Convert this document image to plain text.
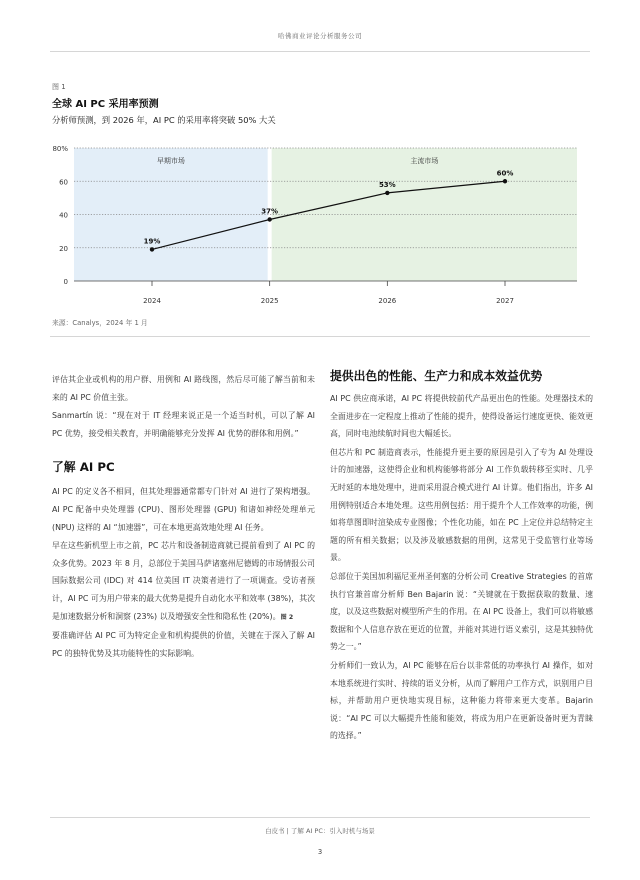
哈佛商业评论分析服务公司
图 1
全球 AI PC 采用率预测
分析师预测，到 2026 年，AI PC 的采用率将突破 50% 大关
早期市场	主流市场
0
20
40
60
80%
2024	2025	2026	2027
19%
37%
53%
60%
来源：Canalys，2024 年 1 月

评估其企业或机构的用户群、用例和 AI 路线图，然后尽可能了解当前和未来的 AI PC 价值主张。

Sanmartín 说：“现在对于 IT 经理来说正是一个适当时机，可以了解 AI PC 优势，接受相关教育，并明确能够充分发挥 AI 优势的群体和用例。”

了解 AI PC

AI PC 的定义各不相同，但其处理器通常都专门针对 AI 进行了架构增强。AI PC 配备中央处理器 (CPU)、图形处理器 (GPU) 和诸如神经处理单元 (NPU) 这样的 AI “加速器”，可在本地更高效地处理 AI 任务。

早在这些新机型上市之前，PC 芯片和设备制造商就已提前看到了 AI PC 的众多优势。2023 年 8 月，总部位于美国马萨诸塞州尼德姆的市场情报公司国际数据公司 (IDC) 对 414 位美国 IT 决策者进行了一项调查。受访者预计，AI PC 可为用户带来的最大优势是提升自动化水平和效率 (38%)，其次是加速数据分析和洞察 (23%) 以及增强安全性和隐私性 (20%)。图 2

要准确评估 AI PC 可为特定企业和机构提供的价值，关键在于深入了解 AI PC 的独特优势及其功能特性的实际影响。

提供出色的性能、生产力和成本效益优势

AI PC 供应商承诺，AI PC 将提供较前代产品更出色的性能。处理器技术的全面进步在一定程度上推动了性能的提升，使得设备运行速度更快、能效更高，同时电池续航时间也大幅延长。

但芯片和 PC 制造商表示，性能提升更主要的原因是引入了专为 AI 处理设计的加速器，这使得企业和机构能够将部分 AI 工作负载转移至实时、几乎无时延的本地处理中，进而采用混合模式进行 AI 计算。他们指出，许多 AI 用例特别适合本地处理。这些用例包括：用于提升个人工作效率的功能，例如将草图即时渲染成专业图像；个性化功能，如在 PC 上定位并总结特定主题的所有相关数据；以及涉及敏感数据的用例，这常见于受监管行业等场景。

总部位于美国加利福尼亚州圣何塞的分析公司 Creative Strategies 的首席执行官兼首席分析师 Ben Bajarin 说：“关键就在于数据获取的数量、速度，以及这些数据对模型所产生的作用。在 AI PC 设备上，我们可以将敏感数据和个人信息存放在更近的位置，并能对其进行语义索引，这是其独特优势之一。”

分析师们一致认为，AI PC 能够在后台以非常低的功率执行 AI 操作，如对本地系统进行实时、持续的语义分析，从而了解用户工作方式，识别用户目标，并帮助用户更快地实现目标，这种能力将带来更大变革。Bajarin 说：“AI PC 可以大幅提升性能和能效，将成为用户在更新设备时更为青睐的选择。”

白皮书 | 了解 AI PC：引入时机与场景
3
